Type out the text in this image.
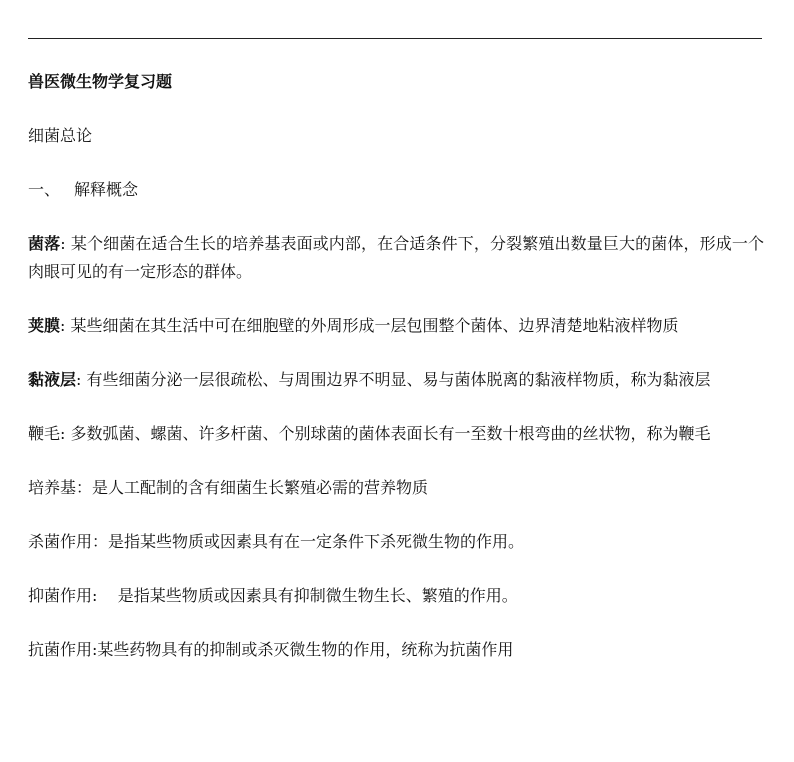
兽医微生物学复习题
细菌总论
一、 解释概念
菌落: 某个细菌在适合生长的培养基表面或内部，在合适条件下，分裂繁殖出数量巨大的菌体，形成一个肉眼可见的有一定形态的群体。
荚膜: 某些细菌在其生活中可在细胞壁的外周形成一层包围整个菌体、边界清楚地粘液样物质
黏液层: 有些细菌分泌一层很疏松、与周围边界不明显、易与菌体脱离的黏液样物质，称为黏液层
鞭毛: 多数弧菌、螺菌、许多杆菌、个别球菌的菌体表面长有一至数十根弯曲的丝状物，称为鞭毛
培养基：是人工配制的含有细菌生长繁殖必需的营养物质
杀菌作用：是指某些物质或因素具有在一定条件下杀死微生物的作用。
抑菌作用:    是指某些物质或因素具有抑制微生物生长、繁殖的作用。
抗菌作用:某些药物具有的抑制或杀灭微生物的作用，统称为抗菌作用
